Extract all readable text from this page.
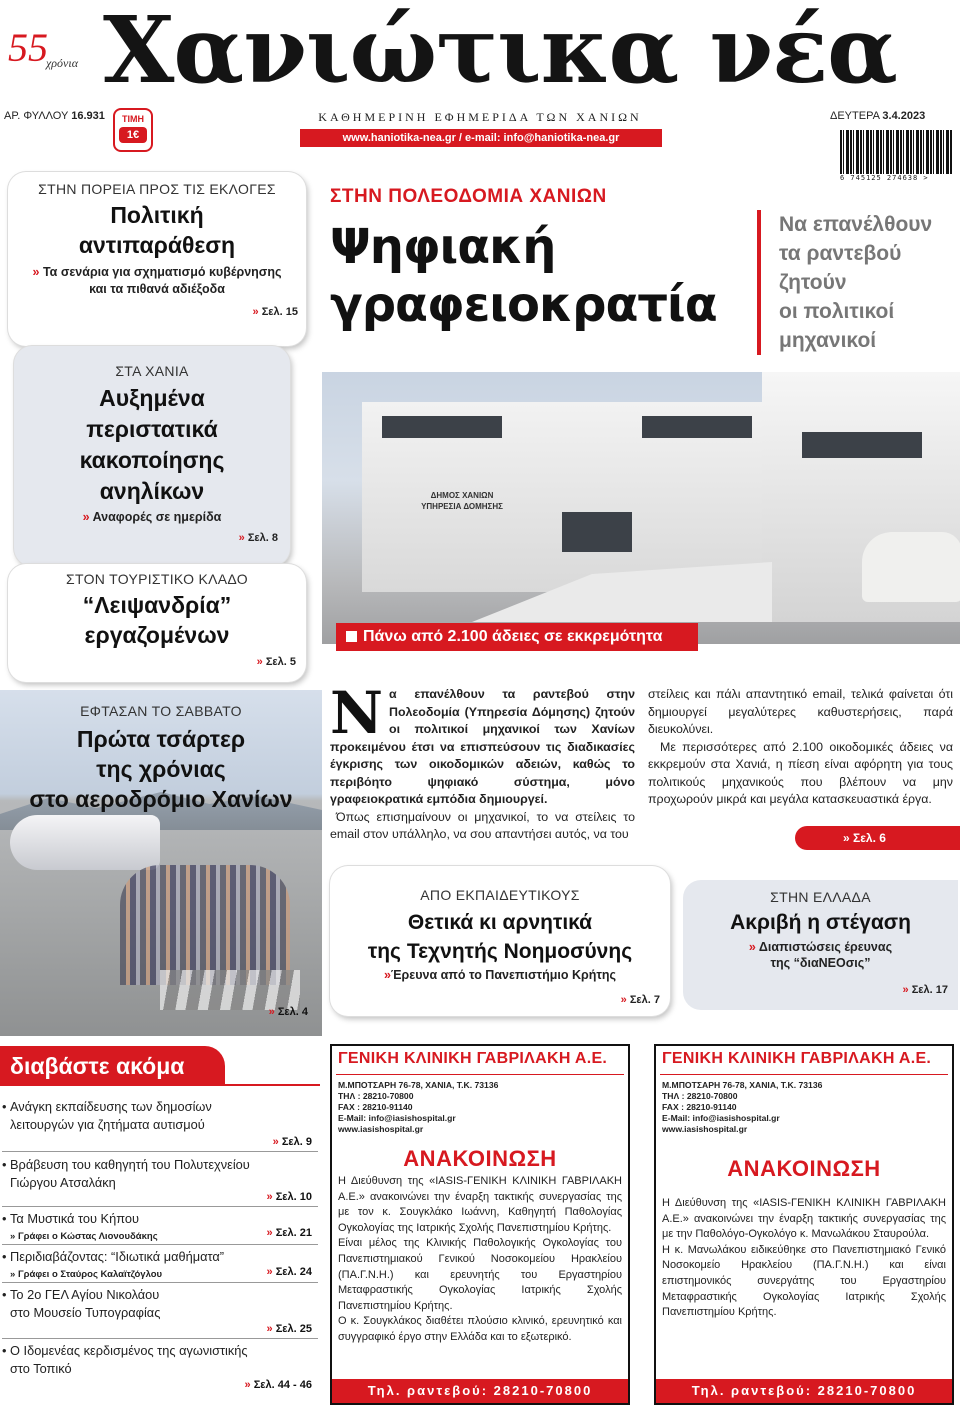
55
χρόνια Χανιώτικα νέα
ΑΡ. ΦΥΛΛΟΥ 16.931	ΤΙΜΗ
1€
ΚΑΘΗΜΕΡΙΝΗ ΕΦΗΜΕΡΙΔΑ ΤΩΝ ΧΑΝΙΩΝ
www.haniotika-nea.gr / e-mail: info@haniotika-nea.gr
ΔΕΥΤΕΡΑ 3.4.2023
6 745125 274638 >
ΣΤΗΝ ΠΟΡΕΙΑ ΠΡΟΣ ΤΙΣ ΕΚΛΟΓΕΣ
Πολιτική
αντιπαράθεση
» Τα σενάρια για σχηματισμό κυβέρνησης
και τα πιθανά αδιέξοδα
» Σελ. 15
ΣΤΑ ΧΑΝΙΑ
Αυξημένα
περιστατικά
κακοποίησης
ανηλίκων
» Αναφορές σε ημερίδα
» Σελ. 8
ΣΤΟΝ ΤΟΥΡΙΣΤΙΚΟ ΚΛΑΔΟ
“Λειψανδρία”
εργαζομένων
» Σελ. 5
» Σελ. 4
ΕΦΤΑΣΑΝ ΤΟ ΣΑΒΒΑΤΟ
Πρώτα τσάρτερ
της χρόνιας
στο αεροδρόμιο Χανίων
ΣΤΗΝ ΠΟΛΕΟΔΟΜΙΑ ΧΑΝΙΩΝ
Ψηφιακή
γραφειοκρατία
Να επανέλθουν
τα ραντεβού
ζητούν
οι πολιτικοί
μηχανικοί
ΔΗΜΟΣ ΧΑΝΙΩΝ
ΥΠΗΡΕΣΙΑ ΔΟΜΗΣΗΣ
Πάνω από 2.100 άδειες σε εκκρεμότητα
Ν α επανέλθουν τα ραντεβού στην Πολεοδομία (Υπηρεσία Δόμησης) ζητούν οι πολιτικοί μηχανικοί των Χανίων προκειμένου έτσι να επισπεύσουν τις διαδικασίες έγκρισης των οικοδομικών αδειών, καθώς το περιβόητο ψηφιακό σύστημα, μόνο γραφειοκρατικά εμπόδια δημιουργεί.

Όπως επισημαίνουν οι μηχανικοί, το να στείλεις το email στον υπάλληλο, να σου απαντήσει αυτός, να του

στείλεις και πάλι απαντητικό email, τελικά φαίνεται ότι δημιουργεί μεγαλύτερες καθυστερήσεις, παρά διευκολύνει.

Με περισσότερες από 2.100 οικοδομικές άδειες να εκκρεμούν στα Χανιά, η πίεση είναι αφόρητη για τους πολιτικούς μηχανικούς που βλέπουν να μην προχωρούν μικρά και μεγάλα κατασκευαστικά έργα.

» Σελ. 6
ΑΠΟ ΕΚΠΑΙΔΕΥΤΙΚΟΥΣ
Θετικά κι αρνητικά
της Τεχνητής Νοημοσύνης
»Έρευνα από το Πανεπιστήμιο Κρήτης
» Σελ. 7
ΣΤΗΝ ΕΛΛΑΔΑ
Ακριβή η στέγαση
» Διαπιστώσεις έρευνας
της “διαΝΕΟσις”
» Σελ. 17
διαβάστε ακόμα
• Ανάγκη εκπαίδευσης των δημοσίων
λειτουργών για ζητήματα αυτισμού
» Σελ. 9
• Βράβευση του καθηγητή του Πολυτεχνείου
Γιώργου Ατσαλάκη
» Σελ. 10
• Τα Μυστικά του Κήπου
» Γράφει ο Κώστας Λιονουδάκης	» Σελ. 21
• Περιδιαβάζοντας: “Ιδιωτικά μαθήματα”
» Γράφει ο Σταύρος Καλαϊτζόγλου	» Σελ. 24
• Το 2ο ΓΕΛ Αγίου Νικολάου
στο Μουσείο Τυπογραφίας
» Σελ. 25
• Ο Ιδομενέας κερδισμένος της αγωνιστικής
στο Τοπικό
» Σελ. 44 - 46
ΓΕΝΙΚΗ ΚΛΙΝΙΚΗ ΓΑΒΡΙΛΑΚΗ Α.Ε.
Μ.ΜΠΟΤΣΑΡΗ 76-78, ΧΑΝΙΑ, Τ.Κ. 73136
ΤΗΛ : 28210-70800
FAX : 28210-91140
E-Mail: info@iasishospital.gr
www.iasishospital.gr
ΑΝΑΚΟΙΝΩΣΗ

Η Διεύθυνση της «IASIS-ΓΕΝΙΚΗ ΚΛΙΝΙΚΗ ΓΑΒΡΙΛΑΚΗ Α.Ε.» ανακοινώνει την έναρξη τακτικής συνεργασίας της με τον κ. Σουγκλάκο Ιωάννη, Καθηγητή Παθολογίας Ογκολογίας της Ιατρικής Σχολής Πανεπιστημίου Κρήτης.

Είναι μέλος της Κλινικής Παθολογικής Ογκολογίας του Πανεπιστημιακού Γενικού Νοσοκομείου Ηρακλείου (ΠΑ.Γ.Ν.Η.) και ερευνητής του Εργαστηρίου Μεταφραστικής Ογκολογίας Ιατρικής Σχολής Πανεπιστημίου Κρήτης.

Ο κ. Σουγκλάκος διαθέτει πλούσιο κλινικό, ερευνητικό και συγγραφικό έργο στην Ελλάδα και το εξωτερικό.

Τηλ. ραντεβού: 28210-70800
ΓΕΝΙΚΗ ΚΛΙΝΙΚΗ ΓΑΒΡΙΛΑΚΗ Α.Ε.
Μ.ΜΠΟΤΣΑΡΗ 76-78, ΧΑΝΙΑ, Τ.Κ. 73136
ΤΗΛ : 28210-70800
FAX : 28210-91140
E-Mail: info@iasishospital.gr
www.iasishospital.gr
ΑΝΑΚΟΙΝΩΣΗ

Η Διεύθυνση της «IASIS-ΓΕΝΙΚΗ ΚΛΙΝΙΚΗ ΓΑΒΡΙΛΑΚΗ Α.Ε.» ανακοινώνει την έναρξη τακτικής συνεργασίας της με την Παθολόγο-Ογκολόγο κ. Μανωλάκου Σταυρούλα.

Η κ. Μανωλάκου ειδικεύθηκε στο Πανεπιστημιακό Γενικό Νοσοκομείο Ηρακλείου (ΠΑ.Γ.Ν.Η.) και είναι επιστημονικός συνεργάτης του Εργαστηρίου Μεταφραστικής Ογκολογίας Ιατρικής Σχολής Πανεπιστημίου Κρήτης.

Τηλ. ραντεβού: 28210-70800
